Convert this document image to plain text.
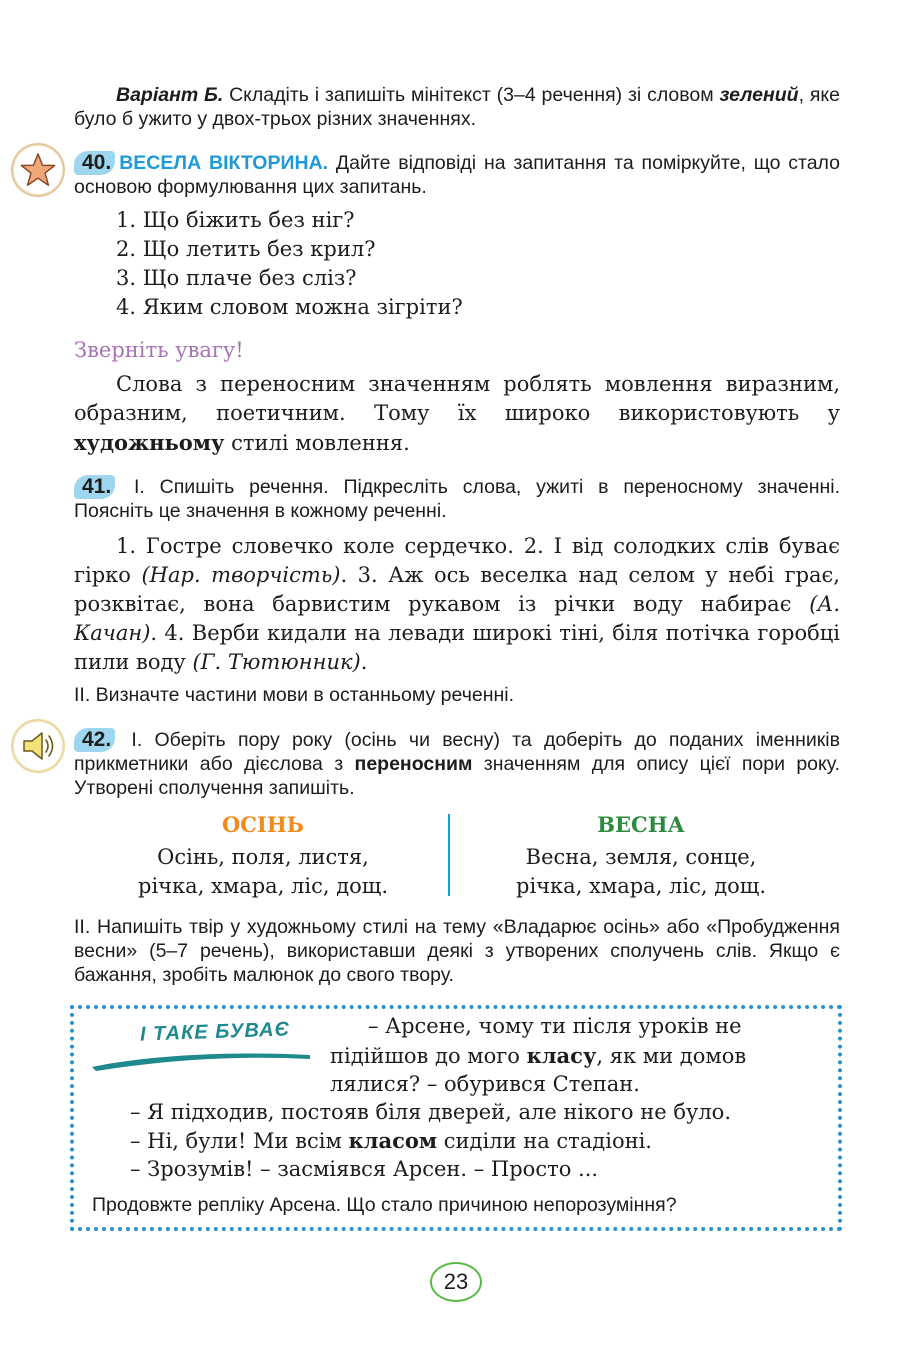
Варіант Б. Складіть і запишіть мінітекст (3–4 речення) зі словом зелений, яке було б ужито у двох-трьох різних значеннях.
40. ВЕСЕЛА ВІКТОРИНА. Дайте відповіді на запитання та поміркуйте, що стало основою формулювання цих запитань.
1. Що біжить без ніг?
2. Що летить без крил?
3. Що плаче без сліз?
4. Яким словом можна зігріти?
Зверніть увагу!
Слова з переносним значенням роблять мовлення виразним, образним, поетичним. Тому їх широко використовують у художньому стилі мовлення.
41. І. Спишіть речення. Підкресліть слова, ужиті в переносному значенні. Поясніть це значення в кожному реченні.
1. Гостре словечко коле сердечко. 2. І від солодких слів буває гірко (Нар. творчість). 3. Аж ось веселка над селом у небі грає, розквітає, вона барвистим рукавом із річки воду набирає (А. Качан). 4. Верби кидали на левади широкі тіні, біля потічка горобці пили воду (Г. Тютюнник).
ІІ. Визначте частини мови в останньому реченні.
42. І. Оберіть пору року (осінь чи весну) та доберіть до поданих іменників прикметники або дієслова з переносним значенням для опису цієї пори року. Утворені сполучення запишіть.
ОСІНЬ
Осінь, поля, листя,
річка, хмара, ліс, дощ.
ВЕСНА
Весна, земля, сонце,
річка, хмара, ліс, дощ.
ІІ. Напишіть твір у художньому стилі на тему «Владарює осінь» або «Пробудження весни» (5–7 речень), використавши деякі з утворених сполучень слів. Якщо є бажання, зробіть малюнок до свого твору.
І ТАКЕ БУВАЄ	– Арсене, чому ти після уроків не
підійшов до мого класу, як ми домов
лялися? – обурився Степан.
– Я підходив, постояв біля дверей, але нікого не було.
– Ні, були! Ми всім класом сиділи на стадіоні.
– Зрозумів! – засміявся Арсен. – Просто ...
Продовжте репліку Арсена. Що стало причиною непорозуміння?
23
